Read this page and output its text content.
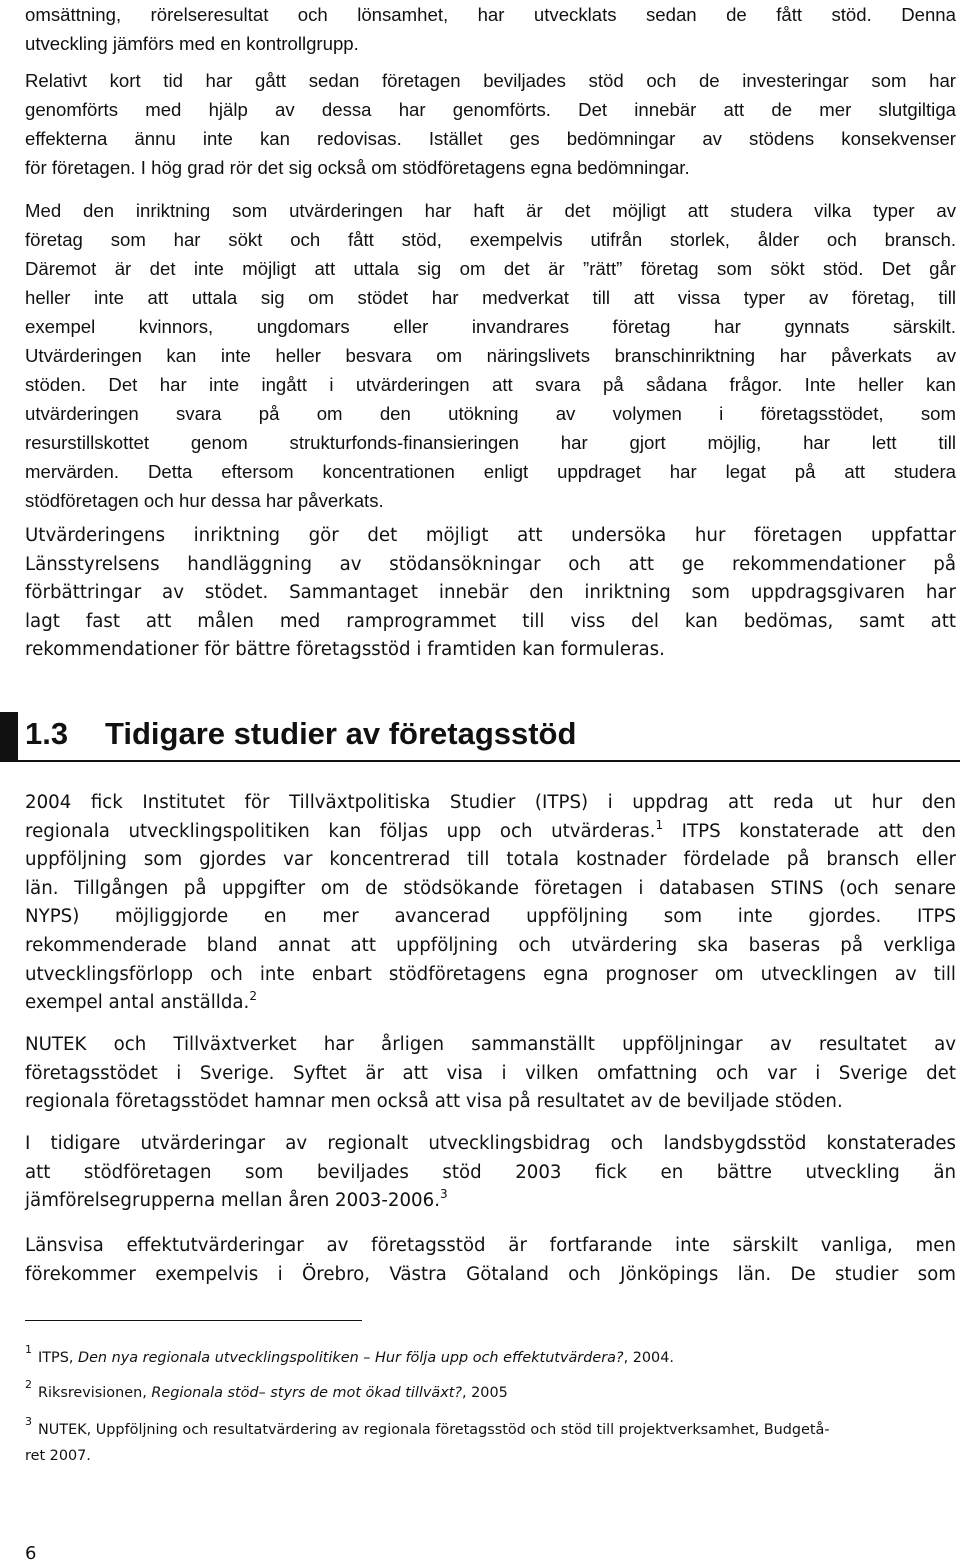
omsättning, rörelseresultat och lönsamhet, har utvecklats sedan de fått stöd. Denna
utveckling jämförs med en kontrollgrupp.
Relativt kort tid har gått sedan företagen beviljades stöd och de investeringar som har
genomförts med hjälp av dessa har genomförts. Det innebär att de mer slutgiltiga
effekterna ännu inte kan redovisas. Istället ges bedömningar av stödens konsekvenser
för företagen. I hög grad rör det sig också om stödföretagens egna bedömningar.
Med den inriktning som utvärderingen har haft är det möjligt att studera vilka typer av
företag som har sökt och fått stöd, exempelvis utifrån storlek, ålder och bransch.
Däremot är det inte möjligt att uttala sig om det är ”rätt” företag som sökt stöd. Det går
heller inte att uttala sig om stödet har medverkat till att vissa typer av företag, till
exempel kvinnors, ungdomars eller invandrares företag har gynnats särskilt.
Utvärderingen kan inte heller besvara om näringslivets branschinriktning har påverkats av
stöden. Det har inte ingått i utvärderingen att svara på sådana frågor. Inte heller kan
utvärderingen svara på om den utökning av volymen i företagsstödet, som
resurstillskottet genom strukturfonds-finansieringen har gjort möjlig, har lett till
mervärden. Detta eftersom koncentrationen enligt uppdraget har legat på att studera
stödföretagen och hur dessa har påverkats.
Utvärderingens inriktning gör det möjligt att undersöka hur företagen uppfattar
Länsstyrelsens handläggning av stödansökningar och att ge rekommendationer på
förbättringar av stödet. Sammantaget innebär den inriktning som uppdragsgivaren har
lagt fast att målen med ramprogrammet till viss del kan bedömas, samt att
rekommendationer för bättre företagsstöd i framtiden kan formuleras.
1.3 Tidigare studier av företagsstöd
2004 fick Institutet för Tillväxtpolitiska Studier (ITPS) i uppdrag att reda ut hur den
regionala utvecklingspolitiken kan följas upp och utvärderas.$^1$ ITPS konstaterade att den
uppföljning som gjordes var koncentrerad till totala kostnader fördelade på bransch eller
län. Tillgången på uppgifter om de stödsökande företagen i databasen STINS (och senare
NYPS) möjliggjorde en mer avancerad uppföljning som inte gjordes. ITPS
rekommenderade bland annat att uppföljning och utvärdering ska baseras på verkliga
utvecklingsförlopp och inte enbart stödföretagens egna prognoser om utvecklingen av till
exempel antal anställda.$^2$
NUTEK och Tillväxtverket har årligen sammanställt uppföljningar av resultatet av
företagsstödet i Sverige. Syftet är att visa i vilken omfattning och var i Sverige det
regionala företagsstödet hamnar men också att visa på resultatet av de beviljade stöden.
I tidigare utvärderingar av regionalt utvecklingsbidrag och landsbygdsstöd konstaterades
att stödföretagen som beviljades stöd 2003 fick en bättre utveckling än
jämförelsegrupperna mellan åren 2003-2006.$^3$
Länsvisa effektutvärderingar av företagsstöd är fortfarande inte särskilt vanliga, men
förekommer exempelvis i Örebro, Västra Götaland och Jönköpings län. De studier som
1
ITPS, Den nya regionala utvecklingspolitiken – Hur följa upp och effektutvärdera?, 2004.
2
Riksrevisionen, Regionala stöd– styrs de mot ökad tillväxt?, 2005
3
NUTEK, Uppföljning och resultatvärdering av regionala företagsstöd och stöd till projektverksamhet, Budgetå-
ret 2007.
6
